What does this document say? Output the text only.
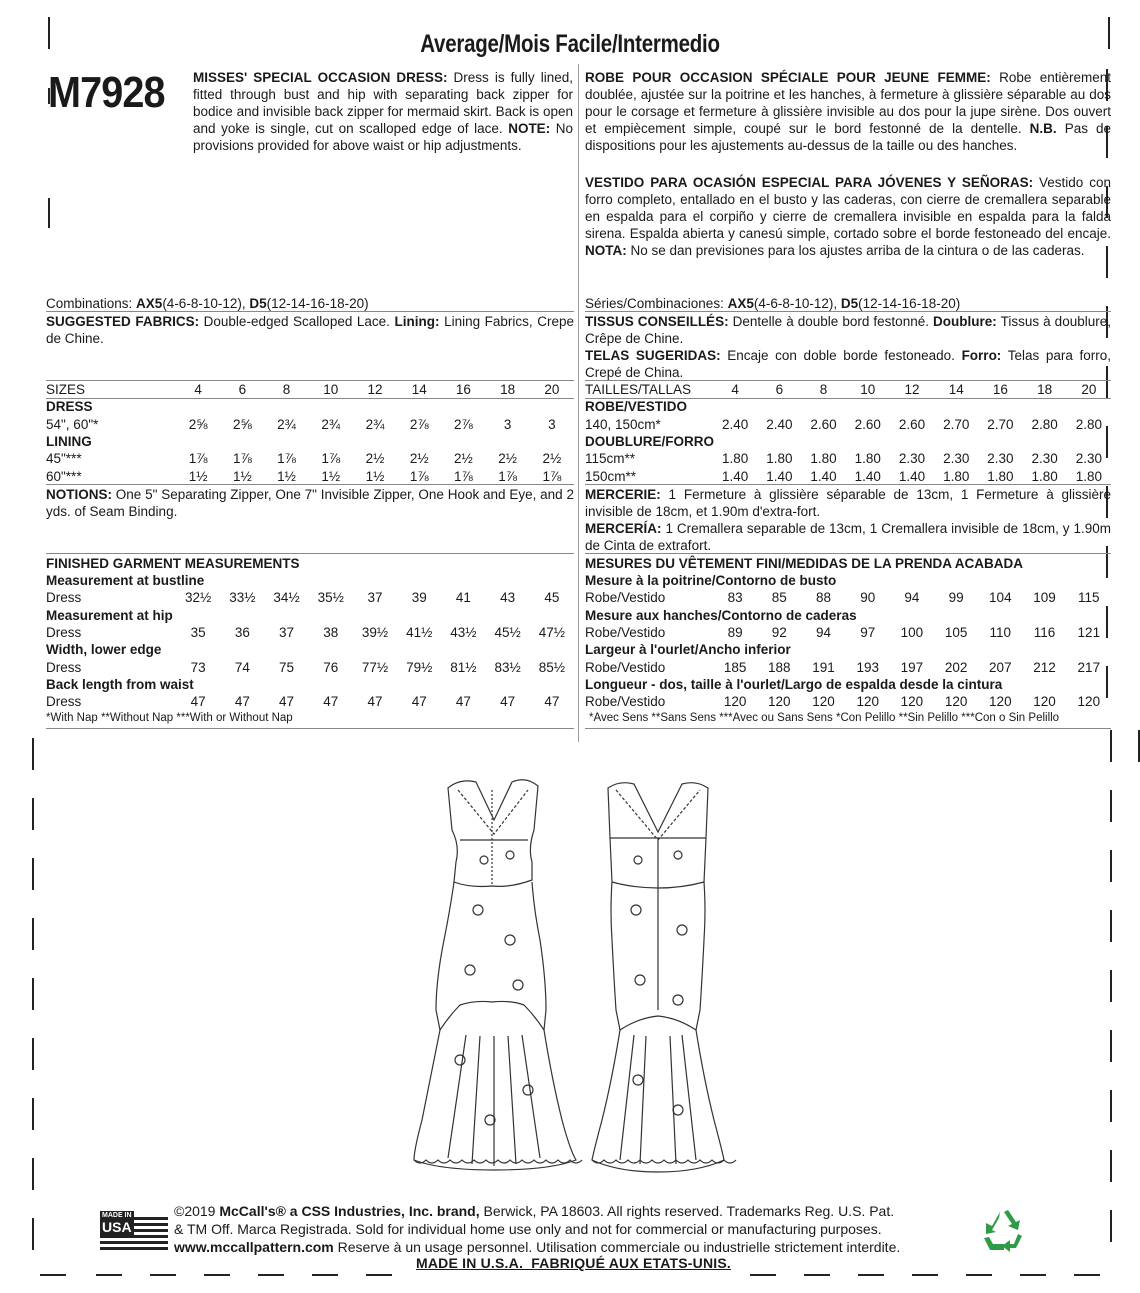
Average/Mois Facile/Intermedio
M7928 MISSES' SPECIAL OCCASION DRESS: Dress is fully lined, fitted through bust and hip with separating back zipper for bodice and invisible back zipper for mermaid skirt. Back is open and yoke is single, cut on scalloped edge of lace. NOTE: No provisions provided for above waist or hip adjustments.
ROBE POUR OCCASION SPÉCIALE POUR JEUNE FEMME: Robe entièrement doublée, ajustée sur la poitrine et les hanches, à fermeture à glissière séparable au dos pour le corsage et fermeture à glissière invisible au dos pour la jupe sirène. Dos ouvert et empiècement simple, coupé sur le bord festonné de la dentelle. N.B. Pas de dispositions pour les ajustements au-dessus de la taille ou des hanches.
VESTIDO PARA OCASIÓN ESPECIAL PARA JÓVENES Y SEÑORAS: Vestido con forro completo, entallado en el busto y las caderas, con cierre de cremallera separable en espalda para el corpiño y cierre de cremallera invisible en espalda para la falda sirena. Espalda abierta y canesú simple, cortado sobre el borde festoneado del encaje. NOTA: No se dan previsiones para los ajustes arriba de la cintura o de las caderas.
Combinations: AX5(4-6-8-10-12), D5(12-14-16-18-20)	Séries/Combinaciones: AX5(4-6-8-10-12), D5(12-14-16-18-20)
SUGGESTED FABRICS: Double-edged Scalloped Lace. Lining: Lining Fabrics, Crepe de Chine.
TISSUS CONSEILLÉS: Dentelle à double bord festonné. Doublure: Tissus à doublure, Crêpe de Chine.
TELAS SUGERIDAS: Encaje con doble borde festoneado. Forro: Telas para forro, Crepé de China.
SIZES	4	6	8	10	12	14	16	18	20
DRESS									
54", 60"*	2⅝	2⅝	2¾	2¾	2¾	2⅞	2⅞	3	3
LINING									
45"***	1⅞	1⅞	1⅞	1⅞	2½	2½	2½	2½	2½
60"***	1½	1½	1½	1½	1½	1⅞	1⅞	1⅞	1⅞
TAILLES/TALLAS	4	6	8	10	12	14	16	18	20
ROBE/VESTIDO									
140, 150cm*	2.40	2.40	2.60	2.60	2.60	2.70	2.70	2.80	2.80
DOUBLURE/FORRO									
115cm**	1.80	1.80	1.80	1.80	2.30	2.30	2.30	2.30	2.30
150cm**	1.40	1.40	1.40	1.40	1.40	1.80	1.80	1.80	1.80
NOTIONS: One 5" Separating Zipper, One 7" Invisible Zipper, One Hook and Eye, and 2 yds. of Seam Binding.
MERCERIE: 1 Fermeture à glissière séparable de 13cm, 1 Fermeture à glissière invisible de 18cm, et 1.90m d'extra-fort.
MERCERÍA: 1 Cremallera separable de 13cm, 1 Cremallera invisible de 18cm, y 1.90m de Cinta de extrafort.
FINISHED GARMENT MEASUREMENTS	MESURES DU VÊTEMENT FINI/MEDIDAS DE LA PRENDA ACABADA
Measurement at bustline									
Dress	32½	33½	34½	35½	37	39	41	43	45
Measurement at hip									
Dress	35	36	37	38	39½	41½	43½	45½	47½
Width, lower edge									
Dress	73	74	75	76	77½	79½	81½	83½	85½
Back length from waist									
Dress	47	47	47	47	47	47	47	47	47
Mesure à la poitrine/Contorno de busto									
Robe/Vestido	83	85	88	90	94	99	104	109	115
Mesure aux hanches/Contorno de caderas									
Robe/Vestido	89	92	94	97	100	105	110	116	121
Largeur à l'ourlet/Ancho inferior									
Robe/Vestido	185	188	191	193	197	202	207	212	217
Longueur - dos, taille à l'ourlet/Largo de espalda desde la cintura									
Robe/Vestido	120	120	120	120	120	120	120	120	120
*With Nap **Without Nap ***With or Without Nap	*Avec Sens **Sans Sens ***Avec ou Sans Sens *Con Pelillo **Sin Pelillo ***Con o Sin Pelillo
MADE IN
USA
©2019 McCall's® a CSS Industries, Inc. brand, Berwick, PA 18603. All rights reserved. Trademarks Reg. U.S. Pat.
& TM Off. Marca Registrada. Sold for individual home use only and not for commercial or manufacturing purposes.
www.mccallpattern.com Reserve à un usage personnel. Utilisation commerciale ou industrielle strictement interdite.
MADE IN U.S.A.  FABRIQUÉ AUX ETATS-UNIS.
